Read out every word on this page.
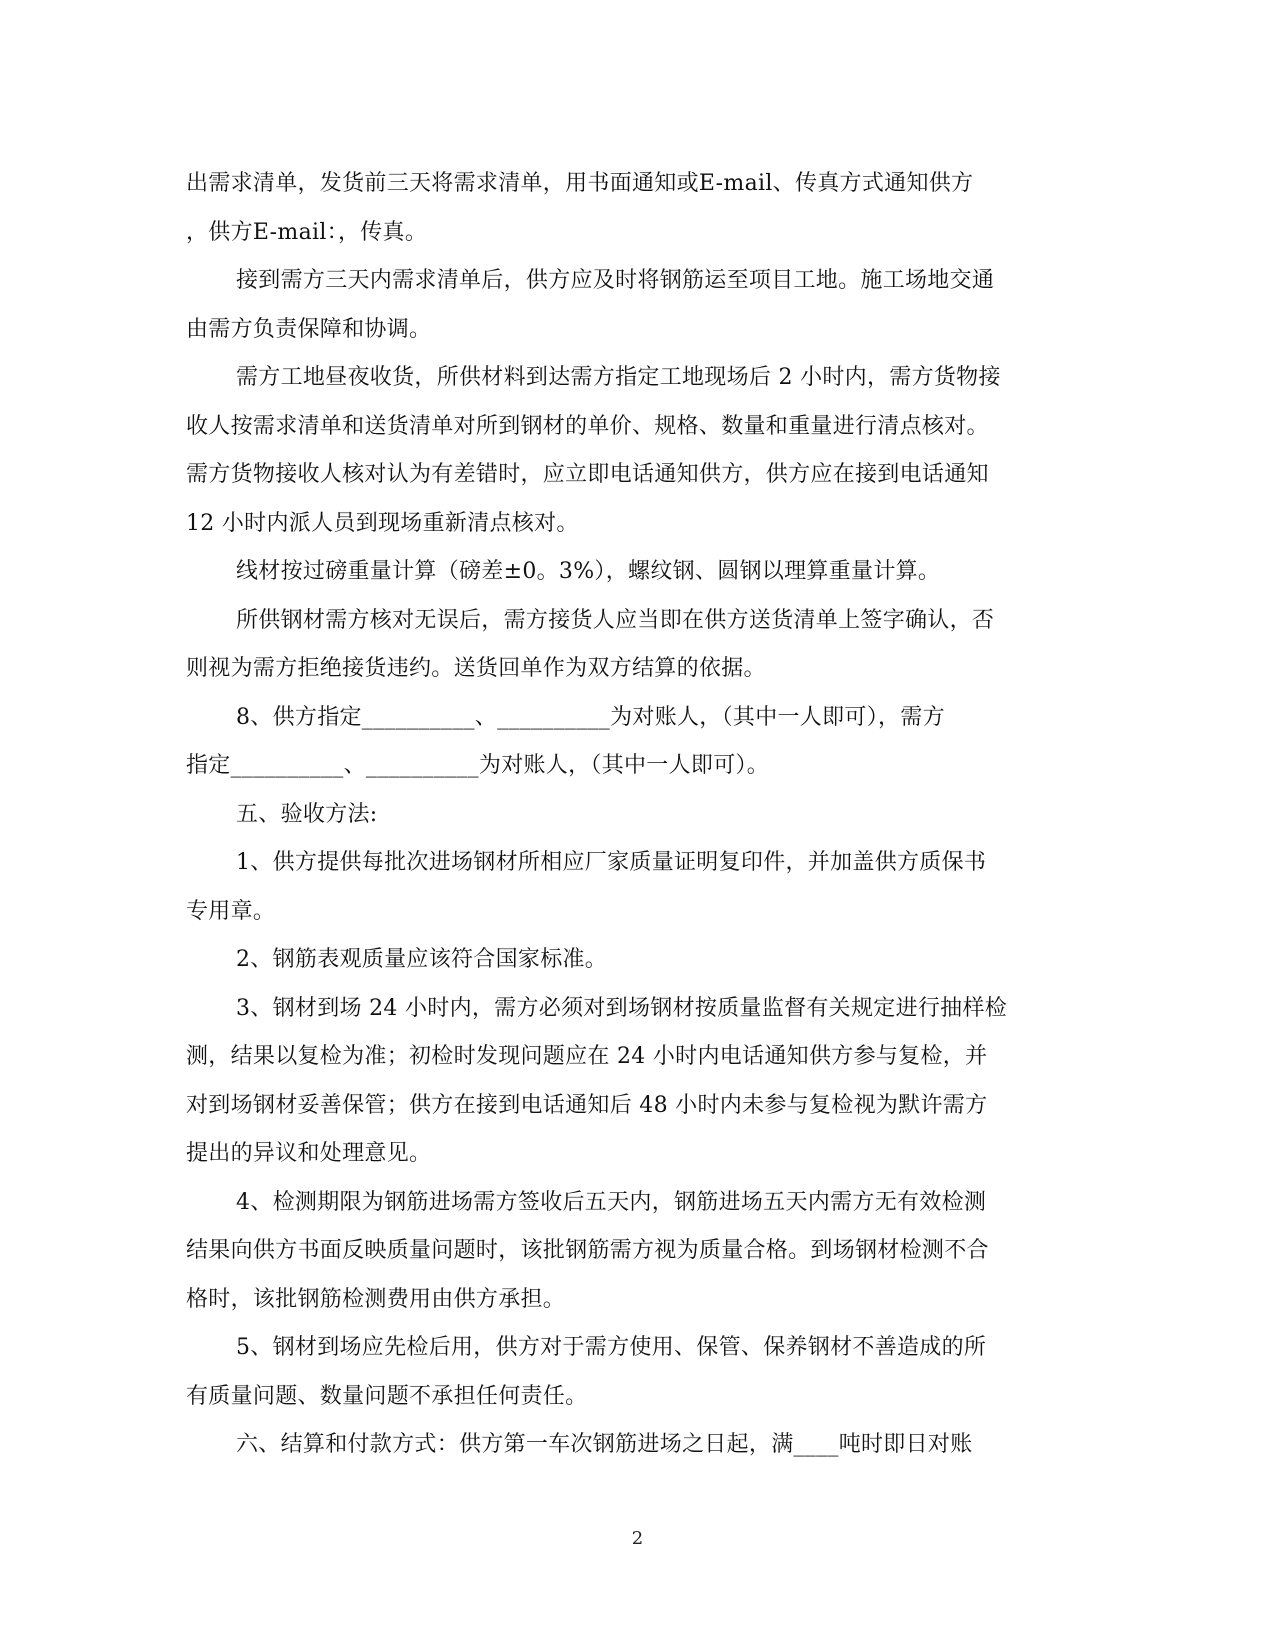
出需求清单，发货前三天将需求清单，用书面通知或E-mail、传真方式通知供方
，供方E-mail：，传真。
接到需方三天内需求清单后，供方应及时将钢筋运至项目工地。施工场地交通
由需方负责保障和协调。
需方工地昼夜收货，所供材料到达需方指定工地现场后 2 小时内，需方货物接
收人按需求清单和送货清单对所到钢材的单价、规格、数量和重量进行清点核对。
需方货物接收人核对认为有差错时，应立即电话通知供方，供方应在接到电话通知
12 小时内派人员到现场重新清点核对。
线材按过磅重量计算（磅差±0。3%），螺纹钢、圆钢以理算重量计算。
所供钢材需方核对无误后，需方接货人应当即在供方送货清单上签字确认，否
则视为需方拒绝接货违约。送货回单作为双方结算的依据。
8、供方指定__________、__________为对账人，（其中一人即可），需方
指定__________、__________为对账人，（其中一人即可）。
五、验收方法:
1、供方提供每批次进场钢材所相应厂家质量证明复印件，并加盖供方质保书
专用章。
2、钢筋表观质量应该符合国家标准。
3、钢材到场 24 小时内，需方必须对到场钢材按质量监督有关规定进行抽样检
测，结果以复检为准；初检时发现问题应在 24 小时内电话通知供方参与复检，并
对到场钢材妥善保管；供方在接到电话通知后 48 小时内未参与复检视为默许需方
提出的异议和处理意见。
4、检测期限为钢筋进场需方签收后五天内，钢筋进场五天内需方无有效检测
结果向供方书面反映质量问题时，该批钢筋需方视为质量合格。到场钢材检测不合
格时，该批钢筋检测费用由供方承担。
5、钢材到场应先检后用，供方对于需方使用、保管、保养钢材不善造成的所
有质量问题、数量问题不承担任何责任。
六、结算和付款方式：供方第一车次钢筋进场之日起，满____吨时即日对账
2
